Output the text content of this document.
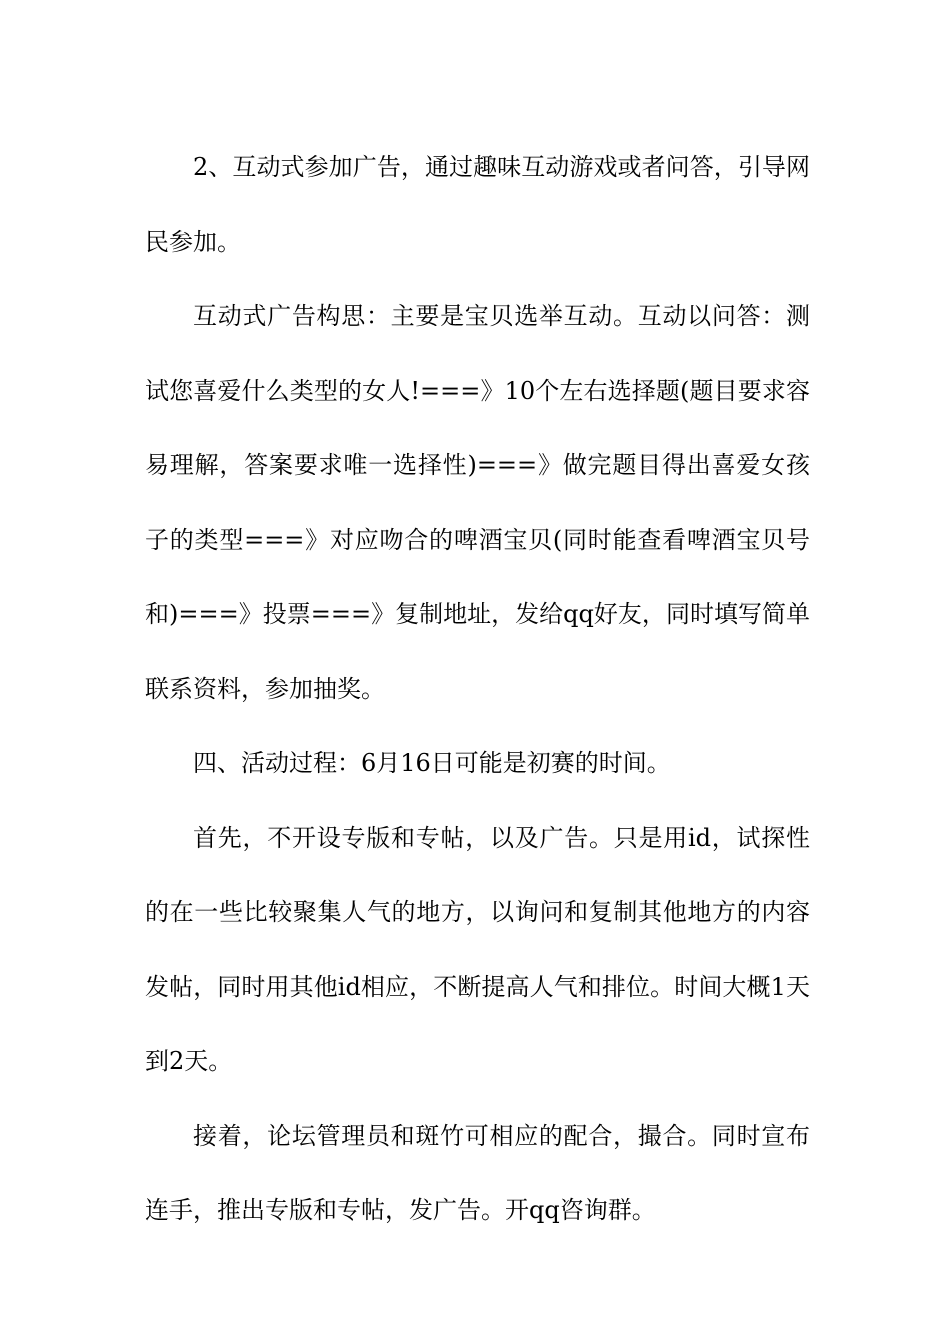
2、互动式参加广告，通过趣味互动游戏或者问答，引导网民参加。

互动式广告构思：主要是宝贝选举互动。互动以问答：测试您喜爱什么类型的女人!===》10个左右选择题(题目要求容易理解，答案要求唯一选择性)===》做完题目得出喜爱女孩子的类型===》对应吻合的啤酒宝贝(同时能查看啤酒宝贝号和)===》投票===》复制地址，发给qq好友，同时填写简单联系资料，参加抽奖。

四、活动过程：6月16日可能是初赛的时间。

首先，不开设专版和专帖，以及广告。只是用id，试探性的在一些比较聚集人气的地方，以询问和复制其他地方的内容发帖，同时用其他id相应，不断提高人气和排位。时间大概1天到2天。

接着，论坛管理员和斑竹可相应的配合，撮合。同时宣布连手，推出专版和专帖，发广告。开qq咨询群。
